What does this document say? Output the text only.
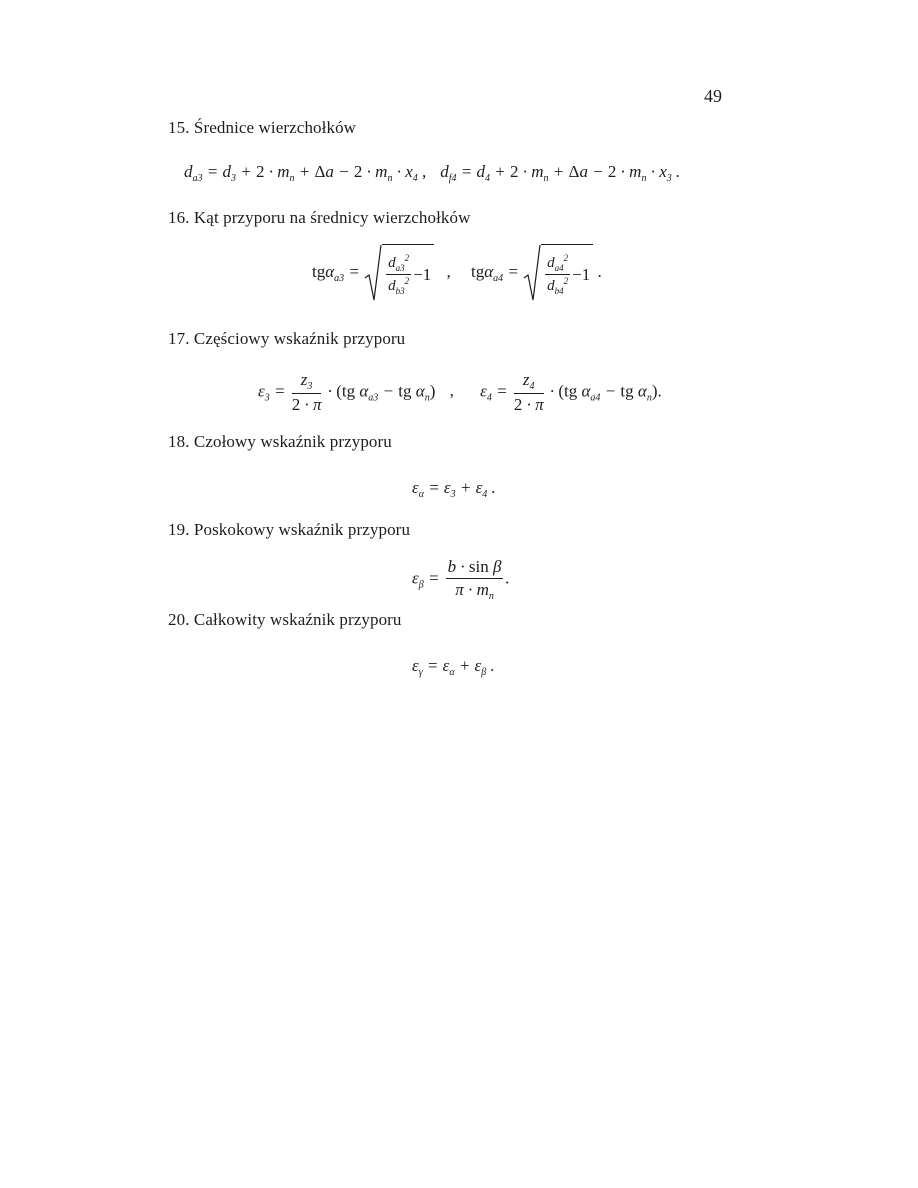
49
15. Średnice wierzchołków
$d_{a3} = d_3 + 2 \cdot m_n + \Delta a - 2 \cdot m_n \cdot x_4$ , $d_{f4} = d_4 + 2 \cdot m_n + \Delta a - 2 \cdot m_n \cdot x_3$ .
16. Kąt przyporu na średnicy wierzchołków
$tg\alpha_{a3} = \frac{d_{a3}^2}{d_{b3}^2} -1$ , $tg\alpha_{a4} = \frac{d_{a4}^2}{d_{b4}^2} -1$ .
17. Częściowy wskaźnik przyporu
$\varepsilon_3 = \frac{z_3}{2 \cdot \pi} \cdot (tg$ $\alpha_{a3}$ − tg $\alpha_n$) , $\varepsilon_4 = \frac{z_4}{2 \cdot \pi} \cdot (tg$ $\alpha_{a4}$ − tg $\alpha_n$).
18. Czołowy wskaźnik przyporu
$\varepsilon_\alpha = \varepsilon_3 + \varepsilon_4$ .
19. Poskokowy wskaźnik przyporu
$\varepsilon_\beta = \frac{\text{b · sin β}}{\pi \cdot m_n}$ .
20. Całkowity wskaźnik przyporu
$\varepsilon_\gamma = \varepsilon_\alpha + \varepsilon_\beta$ .
